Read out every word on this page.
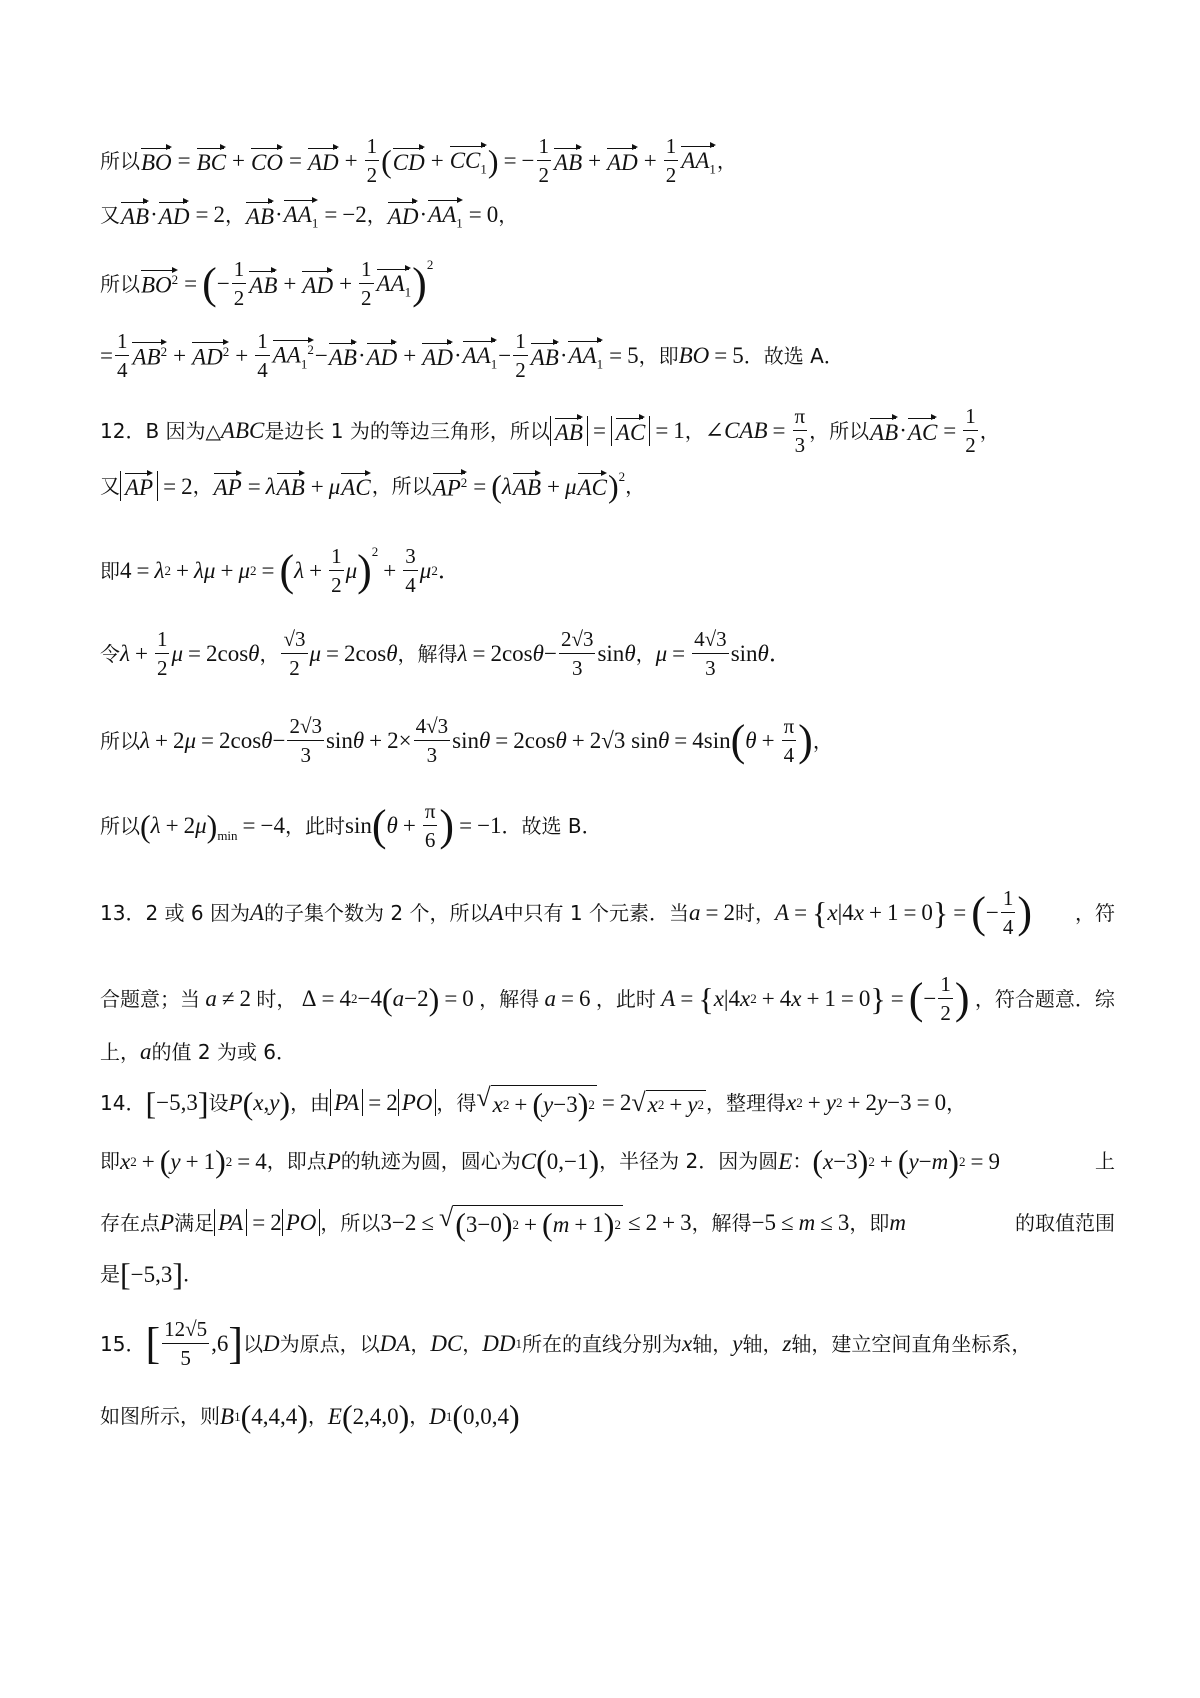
所以 BO = BC + CO = AD + $\frac{1}{2}$ ( CD + $CC_1$ ) = − $\frac{1}{2}$ AB + AD + $\frac{1}{2} AA_1$ ，
又 AB · AD = 2 ， AB · $AA_1 = -2$ ， AD · $AA_1 = 0$ ，
所以 $BO^2$ = ( − $\frac{1}{2}$ AB + AD + $\frac{1}{2} AA_1$ )$^2$
= $\frac{1}{4} AB^2 + AD^2 + \frac{1}{4} AA_1^2$ − AB · AD + AD · $AA_1 - \frac{1}{2}$ AB · $AA_1 = 5$ ，即 BO = 5 ．故选 A．
12．B 因为△ ABC 是边长 1 为的等边三角形，所以 AB = AC = 1 ， ∠ CAB = $\frac{\pi}{3}$ ，所以 AB · AC = $\frac{1}{2}$ ，
又 AP = 2 ， AP = λ AB + μ AC ，所以 $AP^2$ = ( λ AB + μ AC )$^2$ ，
即 4 = λ 2 + λμ + μ 2 = ( $\lambda + \frac{1}{2}$ μ )$^2$
+ $\frac{3}{4}$ μ 2 ．
令 $\lambda + \frac{1}{2}$ μ = 2cos θ ， $\frac{√3}{2}$ μ = 2cos θ ，解得 λ = 2cos $\theta - \frac{2√3}{3}$ sin θ ， $\mu = \frac{4√3}{3}$ sin θ ．
所以 λ + 2 μ = 2cos $\theta - \frac{2√3}{3}$ $\sin \theta + 2\times \frac{4√3}{3}$ sin θ = 2cos θ + 2√3 sin θ = 4sin ( $\theta + \frac{\pi}{4}$ ) ，
所以 ( λ + 2 μ )$_{min} = -4$ ，此时 sin ( $\theta + \frac{\pi}{6}$ ) = −1 ．故选 B．
13．2 或 6 因为 A 的子集个数为 2 个，所以 A 中只有 1 个元素．当 a = 2 时， A = { x |4 x + 1 = 0 } = ( − $\frac{1}{4}$ ) ，符
合题意；当 a ≠ 2 时， Δ = 4 2 −4 ( a −2 ) = 0 ，解得 a = 6 ，此时 A = { x |4 x 2 + 4 x + 1 = 0 } = ( − $\frac{1}{2}$ ) ，符合题意．综
上， a 的值 2 为或 6．
14． [ −5,3 ] 设 P ( x , y ) ，由 PA = 2 PO ，得 √ x 2 + ( y −3 ) 2 = 2 √ x 2 + y 2 ，整理得 x 2 + y 2 + 2 y −3 = 0 ，
即 x 2 + ( y + 1 ) 2 = 4 ，即点 P 的轨迹为圆，圆心为 C ( 0,−1 ) ，半径为 2．因为圆 E ： ( x −3 ) 2 + ( y − m ) 2 = 9	上
存在点 P 满足 PA = 2 PO ，所以 3−2 ≤ √ ( 3−0 ) 2 + ( m + 1 ) 2 ≤ 2 + 3 ，解得 −5 ≤ m ≤ 3 ，即 m	的取值范围
是 [ −5,3 ] ．
15． [ $\frac{12√5}{5} ,6$ ] 以 D 为原点，以 DA ， DC ， DD 1 所在的直线分别为 x 轴， y 轴， z 轴，建立空间直角坐标系，
如图所示，则 B 1 ( 4,4,4 ) ， E ( 2,4,0 ) ， D 1 ( 0,0,4 )
